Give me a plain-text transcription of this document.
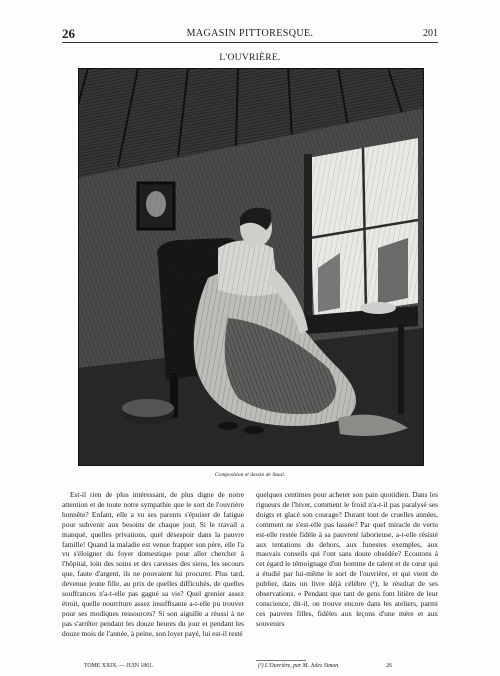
26	MAGASIN PITTORESQUE.	201
L'OUVRIÈRE.
Composition et dessin de Staal.
Est-il rien de plus intéressant, de plus digne de notre attention et de toute notre sympathie que le sort de l'ouvrière honnête? Enfant, elle a vu ses parents s'épuiser de fatigue pour subvenir aux besoins de chaque jour. Si le travail a manqué, quelles privations, quel désespoir dans la pauvre famille! Quand la maladie est venue frapper son père, elle l'a vu s'éloigner du foyer domestique pour aller chercher à l'hôpital, loin des soins et des caresses des siens, les secours que, faute d'argent, ils ne pouvaient lui procurer. Plus tard, devenue jeune fille, au prix de quelles difficultés, de quelles souffrances n'a-t-elle pas gagné sa vie? Quel grenier assez étroit, quelle nourriture assez insuffisante a-t-elle pu trouver pour ses modiques ressources? Si son aiguille a réussi à ne pas s'arrêter pendant les douze heures du jour et pendant les douze mois de l'année, à peine, son loyer payé, lui est-il resté
quelques centimes pour acheter son pain quotidien. Dans les rigueurs de l'hiver, comment le froid n'a-t-il pas paralysé ses doigts et glacé son courage? Durant tout de cruelles années, comment ne s'est-elle pas lassée? Par quel miracle de vertu est-elle restée fidèle à sa pauvreté laborieuse, a-t-elle résisté aux tentations du dehors, aux funestes exemples, aux mauvais conseils qui l'ont sans doute obsédée? Ecoutons à cet égard le témoignage d'un homme de talent et de cœur qui a étudié par lui-même le sort de l'ouvrière, et qui vient de publier, dans un livre déjà célèbre (¹), le résultat de ses observations. « Pendant que tant de gens font litière de leur conscience, dit-il, on trouve encore dans les ateliers, parmi ces pauvres filles, fidèles aux leçons d'une mère et aux souvenirs
TOME XXIX. — JUIN 1861.	(¹) L'Ouvrière, par M. Jules Simon.	26
